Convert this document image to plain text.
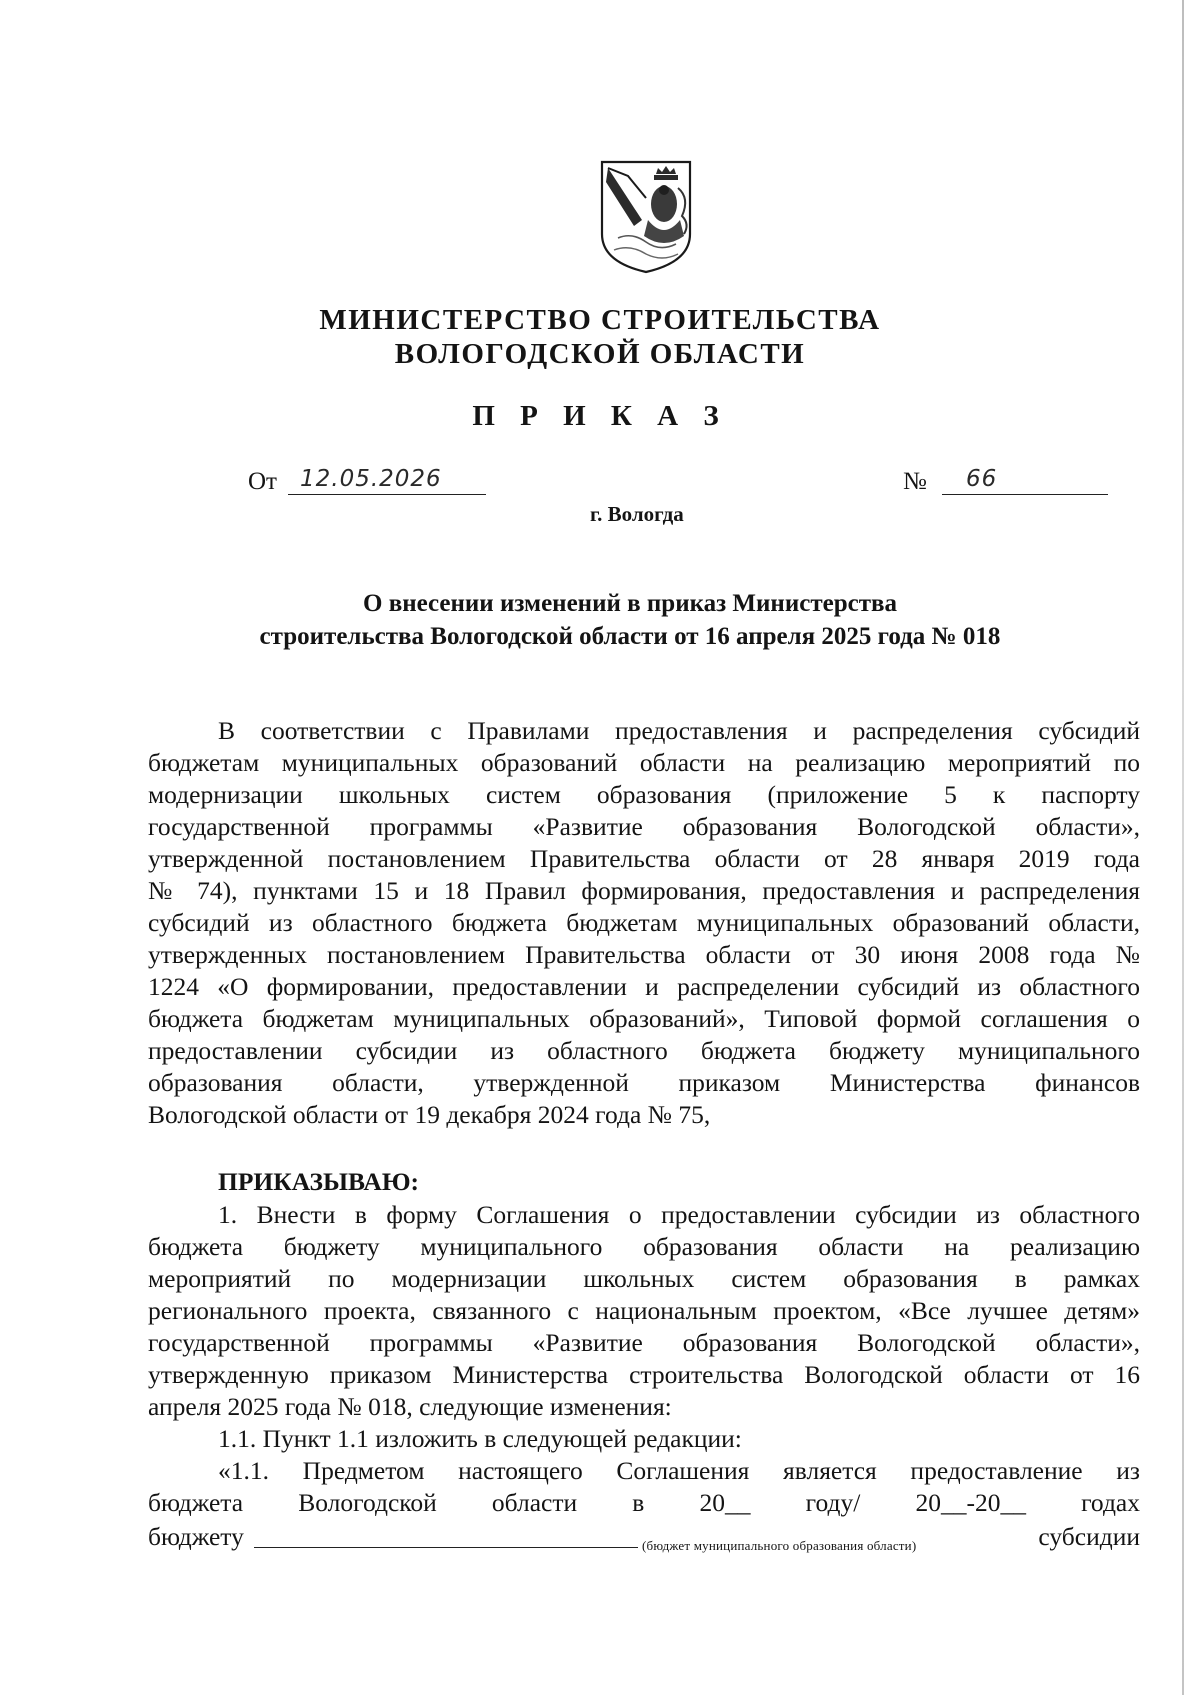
МИНИСТЕРСТВО СТРОИТЕЛЬСТВА
ВОЛОГОДСКОЙ ОБЛАСТИ
П Р И К А З
От 12.05.2026	№ 66
г. Вологда
О внесении изменений в приказ Министерства
строительства Вологодской области от 16 апреля 2025 года № 018
В соответствии с Правилами предоставления и распределения субсидий
бюджетам муниципальных образований области на реализацию мероприятий по
модернизации школьных систем образования (приложение 5 к паспорту
государственной программы «Развитие образования Вологодской области»,
утвержденной постановлением Правительства области от 28 января 2019 года
№ 74), пунктами 15 и 18 Правил формирования, предоставления и распределения
субсидий из областного бюджета бюджетам муниципальных образований области,
утвержденных постановлением Правительства области от 30 июня 2008 года №
1224 «О формировании, предоставлении и распределении субсидий из областного
бюджета бюджетам муниципальных образований», Типовой формой соглашения о
предоставлении субсидии из областного бюджета бюджету муниципального
образования области, утвержденной приказом Министерства финансов
Вологодской области от 19 декабря 2024 года № 75,
ПРИКАЗЫВАЮ:
1. Внести в форму Соглашения о предоставлении субсидии из областного
бюджета бюджету муниципального образования области на реализацию
мероприятий по модернизации школьных систем образования в рамках
регионального проекта, связанного с национальным проектом, «Все лучшее детям»
государственной программы «Развитие образования Вологодской области»,
утвержденную приказом Министерства строительства Вологодской области от 16
апреля 2025 года № 018, следующие изменения:
1.1. Пункт 1.1 изложить в следующей редакции:
«1.1. Предметом настоящего Соглашения является предоставление из
бюджета Вологодской области в 20__ году/ 20__-20__ годах
бюджету	(бюджет муниципального образования области)	субсидии
